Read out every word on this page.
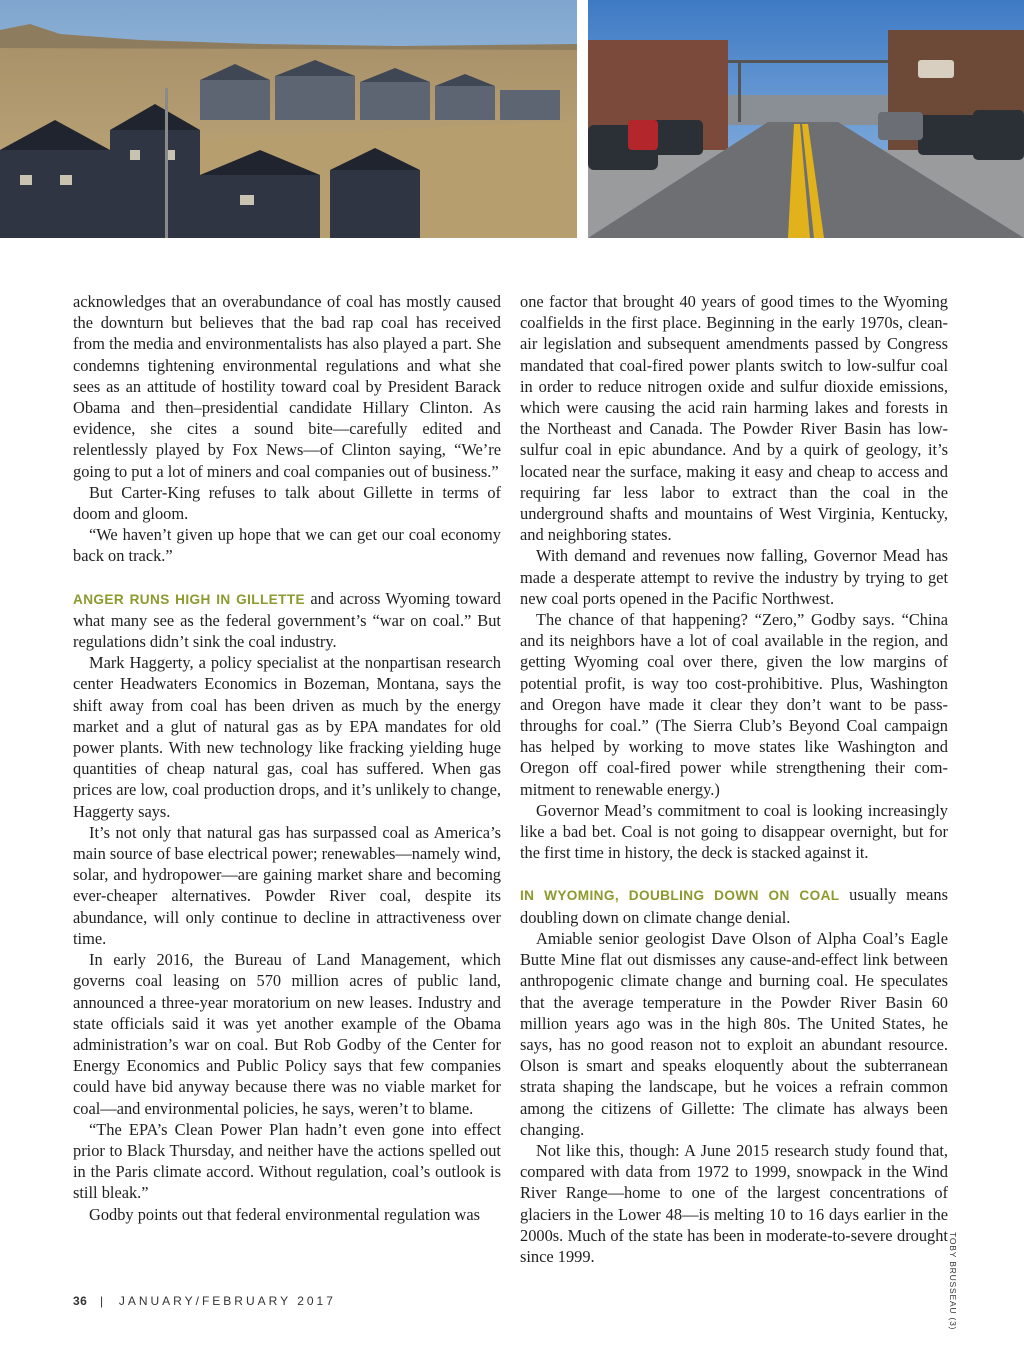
acknowledges that an overabundance of coal has mostly caused the downturn but believes that the bad rap coal has received from the media and environmentalists has also played a part. She condemns tightening environmental regulations and what she sees as an attitude of hostility toward coal by President Barack Obama and then–presidential candidate Hillary Clinton. As evidence, she cites a sound bite—carefully edited and relentlessly played by Fox News—of Clinton saying, “We’re going to put a lot of miners and coal companies out of business.”

But Carter-King refuses to talk about Gillette in terms of doom and gloom.

“We haven’t given up hope that we can get our coal economy back on track.”

ANGER RUNS HIGH IN GILLETTE and across Wyoming toward what many see as the federal government’s “war on coal.” But regulations didn’t sink the coal industry.

Mark Haggerty, a policy specialist at the nonpartisan research center Headwaters Economics in Bozeman, Montana, says the shift away from coal has been driven as much by the energy market and a glut of natural gas as by EPA mandates for old power plants. With new technology like fracking yielding huge quantities of cheap natural gas, coal has suffered. When gas prices are low, coal production drops, and it’s unlikely to change, Haggerty says.

It’s not only that natural gas has surpassed coal as America’s main source of base electrical power; renewables—namely wind, solar, and hydropower—are gaining market share and becoming ever-cheaper alternatives. Powder River coal, despite its abundance, will only continue to decline in attractiveness over time.

In early 2016, the Bureau of Land Management, which governs coal leasing on 570 million acres of public land, announced a three-year moratorium on new leases. Industry and state officials said it was yet another example of the Obama administration’s war on coal. But Rob Godby of the Center for Energy Economics and Public Policy says that few companies could have bid anyway because there was no viable market for coal—and environmental policies, he says, weren’t to blame.

“The EPA’s Clean Power Plan hadn’t even gone into effect prior to Black Thursday, and neither have the actions spelled out in the Paris climate accord. Without regulation, coal’s outlook is still bleak.”

Godby points out that federal environmental regulation was

one factor that brought 40 years of good times to the Wyoming coalfields in the first place. Beginning in the early 1970s, clean-air legislation and subsequent amendments passed by Congress mandated that coal-fired power plants switch to low-sulfur coal in order to reduce nitrogen oxide and sulfur dioxide emissions, which were causing the acid rain harming lakes and forests in the Northeast and Canada. The Powder River Basin has low-sulfur coal in epic abundance. And by a quirk of geology, it’s located near the surface, making it easy and cheap to access and requiring far less labor to extract than the coal in the underground shafts and mountains of West Virginia, Kentucky, and neighboring states.

With demand and revenues now falling, Governor Mead has made a desperate attempt to revive the industry by trying to get new coal ports opened in the Pacific Northwest.

The chance of that happening? “Zero,” Godby says. “China and its neighbors have a lot of coal available in the region, and getting Wyoming coal over there, given the low margins of potential profit, is way too cost-prohibitive. Plus, Washington and Oregon have made it clear they don’t want to be passthroughs for coal.” (The Sierra Club’s Beyond Coal campaign has helped by working to move states like Washington and Oregon off coal-fired power while strengthening their commitment to renewable energy.)

Governor Mead’s commitment to coal is looking increasingly like a bad bet. Coal is not going to disappear overnight, but for the first time in history, the deck is stacked against it.

IN WYOMING, DOUBLING DOWN ON COAL usually means doubling down on climate change denial.

Amiable senior geologist Dave Olson of Alpha Coal’s Eagle Butte Mine flat out dismisses any cause-and-effect link between anthropogenic climate change and burning coal. He speculates that the average temperature in the Powder River Basin 60 million years ago was in the high 80s. The United States, he says, has no good reason not to exploit an abundant resource. Olson is smart and speaks eloquently about the subterranean strata shaping the landscape, but he voices a refrain common among the citizens of Gillette: The climate has always been changing.

Not like this, though: A June 2015 research study found that, compared with data from 1972 to 1999, snowpack in the Wind River Range—home to one of the largest concentrations of glaciers in the Lower 48—is melting 10 to 16 days earlier in the 2000s. Much of the state has been in moderate-to-severe drought since 1999.

36 | JANUARY/FEBRUARY 2017	TOBY BRUSSEAU (3)
